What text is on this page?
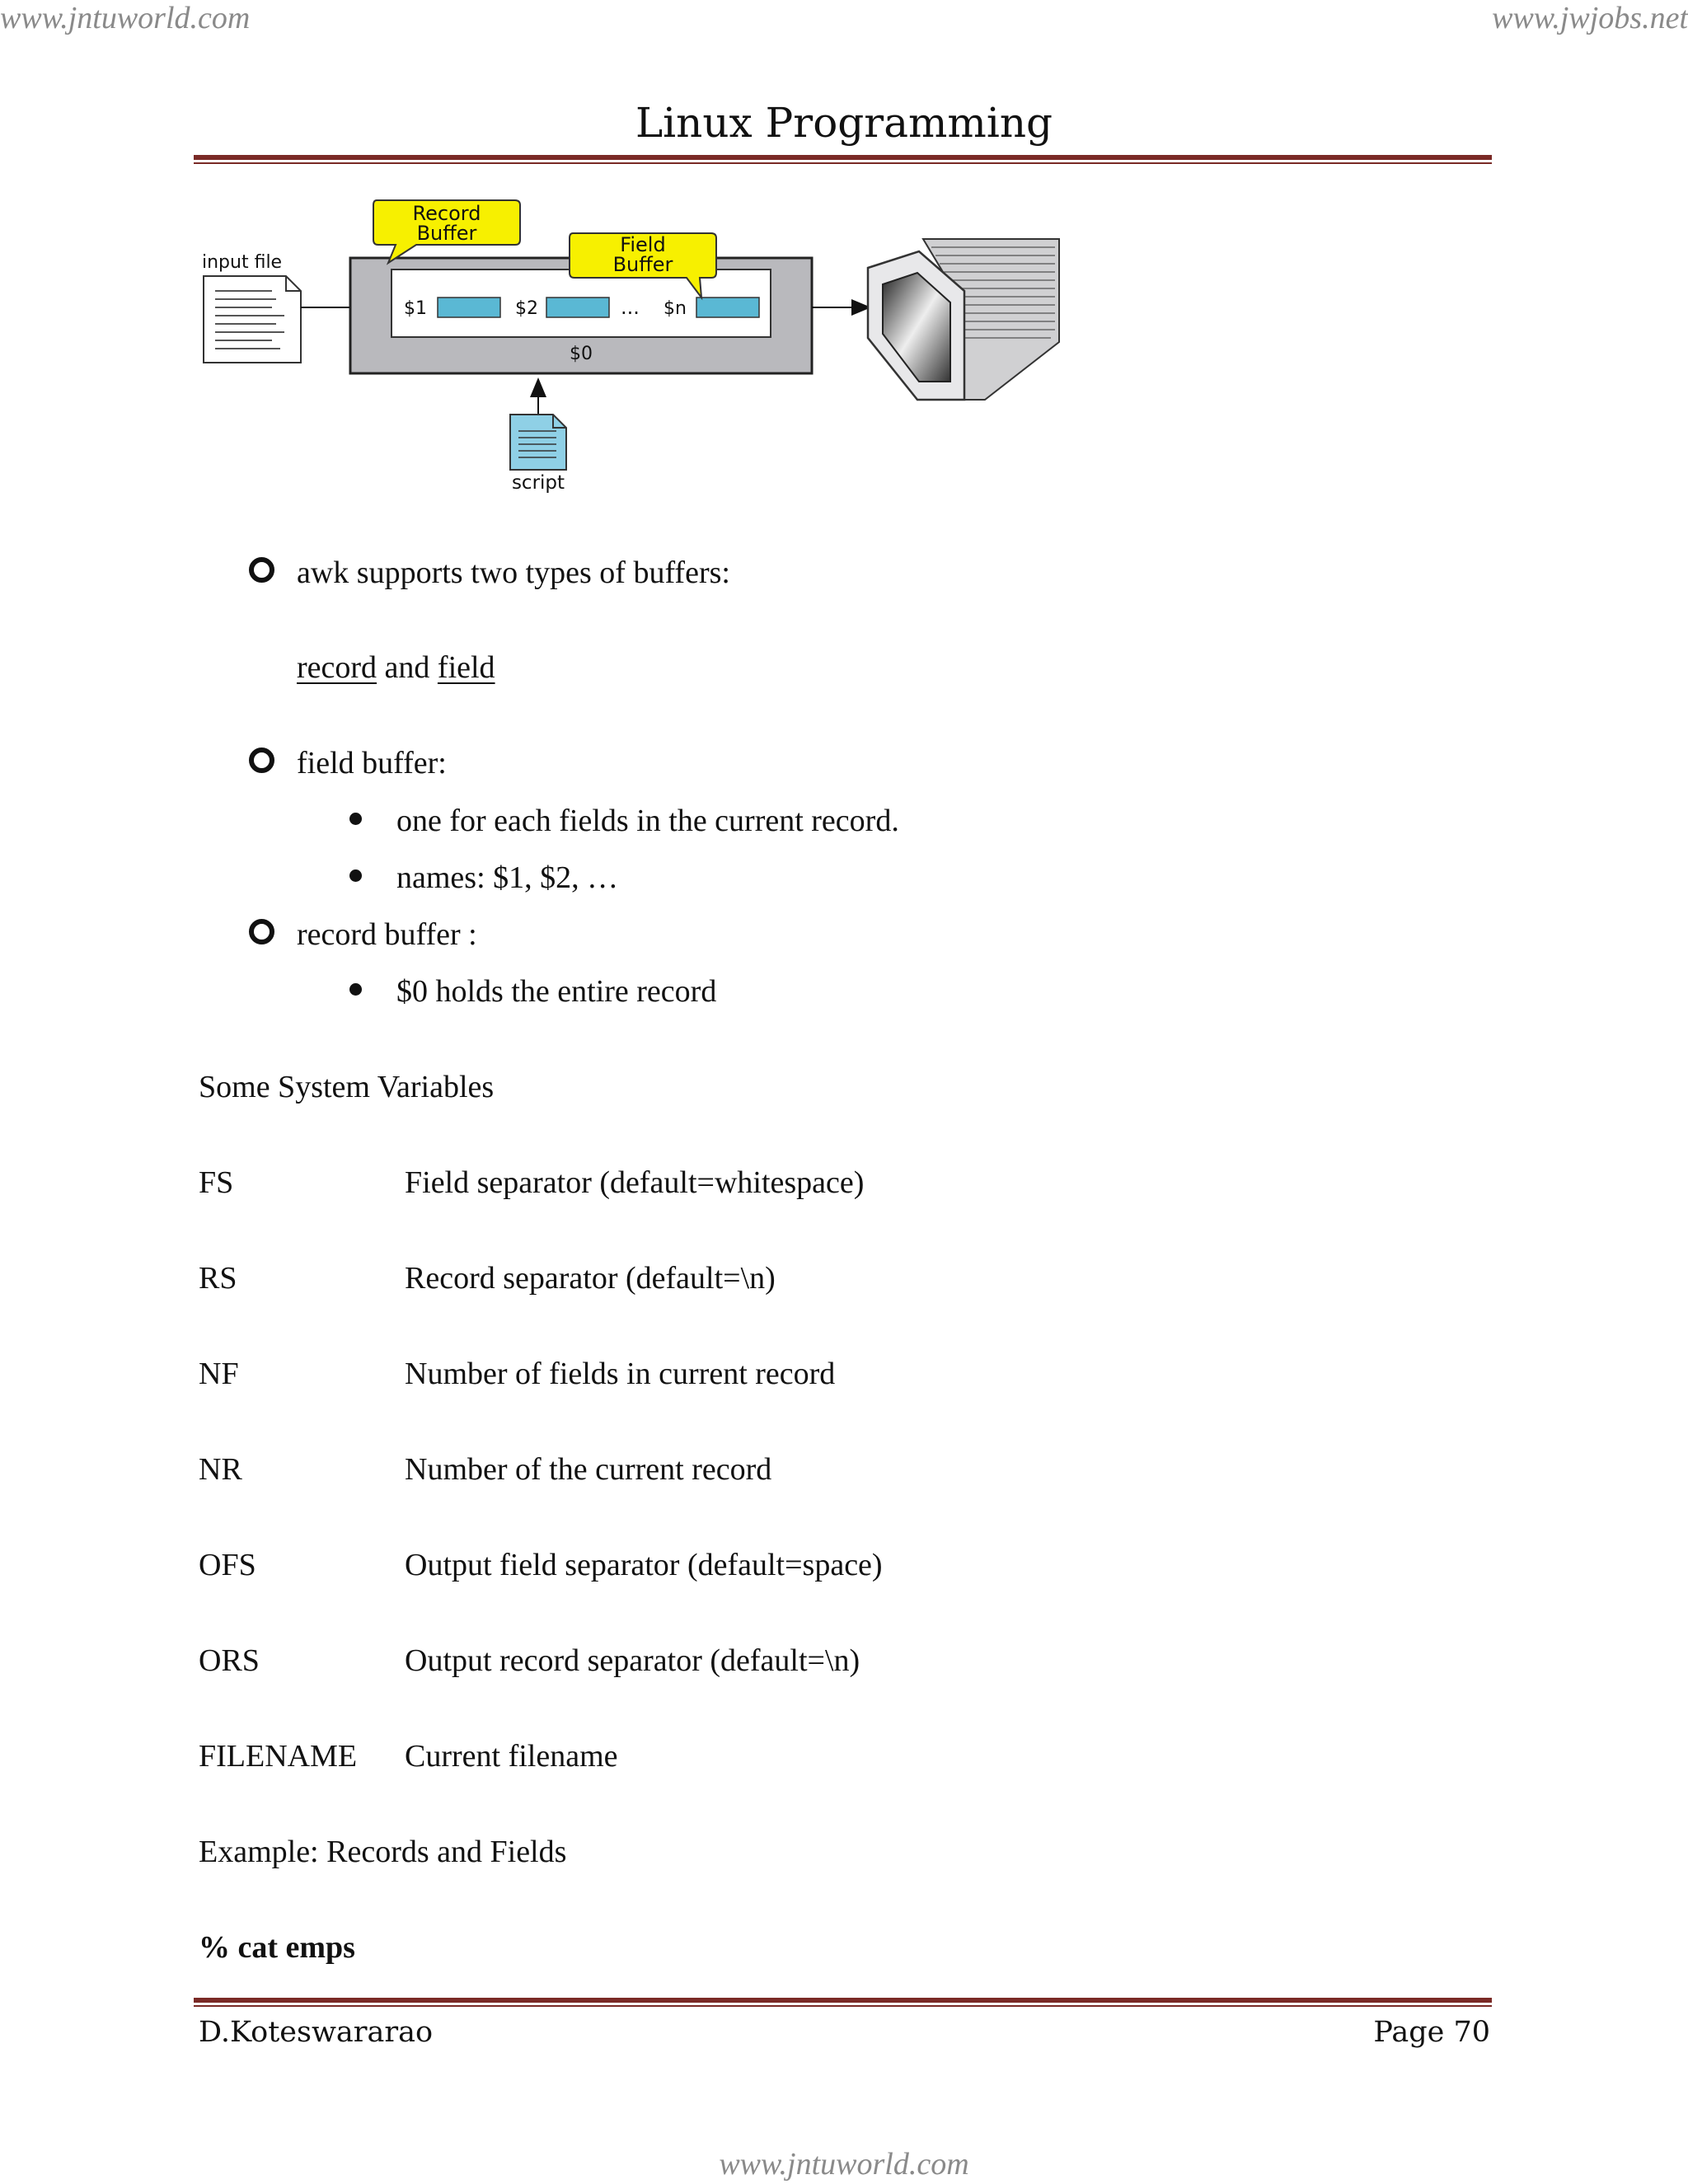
www.jntuworld.com	www.jwjobs.net
Linux Programming
input file
$1	$2	... $n
$0
Record
Buffer	Field
Buffer
script
awk supports two types of buffers:
record and field
field buffer:
one for each fields in the current record.
names: $1, $2, …
record buffer :
$0 holds the entire record
Some System Variables
FS	Field separator (default=whitespace)
RS	Record separator (default=\n)
NF	Number of fields in current record
NR	Number of the current record
OFS	Output field separator (default=space)
ORS	Output record separator (default=\n)
FILENAME Current filename
Example: Records and Fields
% cat emps
D.Koteswararao	Page 70
www.jntuworld.com
